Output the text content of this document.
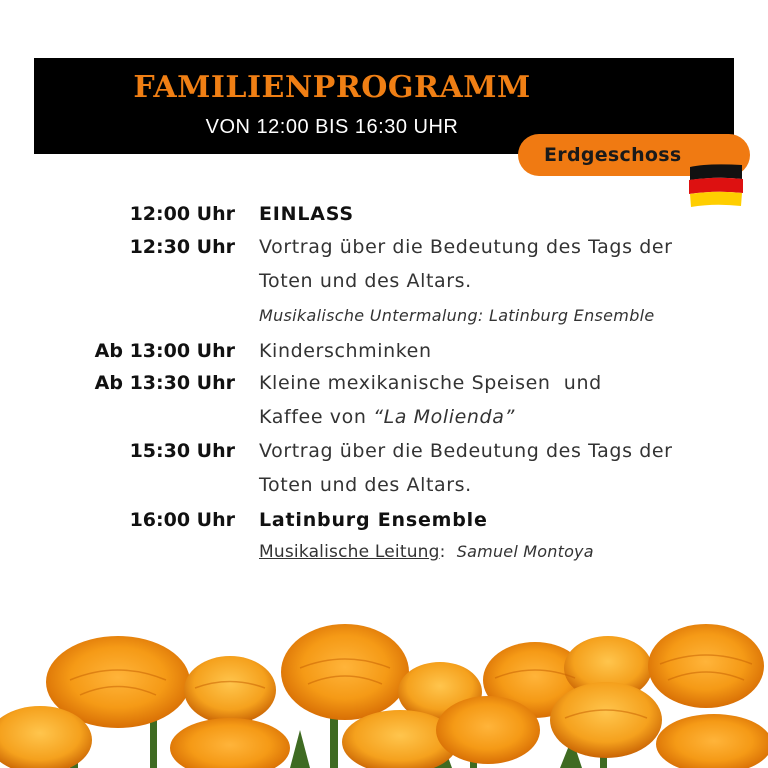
FAMILIENPROGRAMM
VON 12:00 BIS 16:30 UHR
Erdgeschoss
12:00 Uhr EINLASS
12:30 Uhr Vortrag über die Bedeutung des Tags der
Toten und des Altars.
Musikalische Untermalung: Latinburg Ensemble
Ab 13:00 Uhr Kinderschminken
Ab 13:30 Uhr Kleine mexikanische Speisen  und
Kaffee von “La Molienda”
15:30 Uhr Vortrag über die Bedeutung des Tags der
Toten und des Altars.
16:00 Uhr Latinburg Ensemble
Musikalische Leitung: Samuel Montoya
